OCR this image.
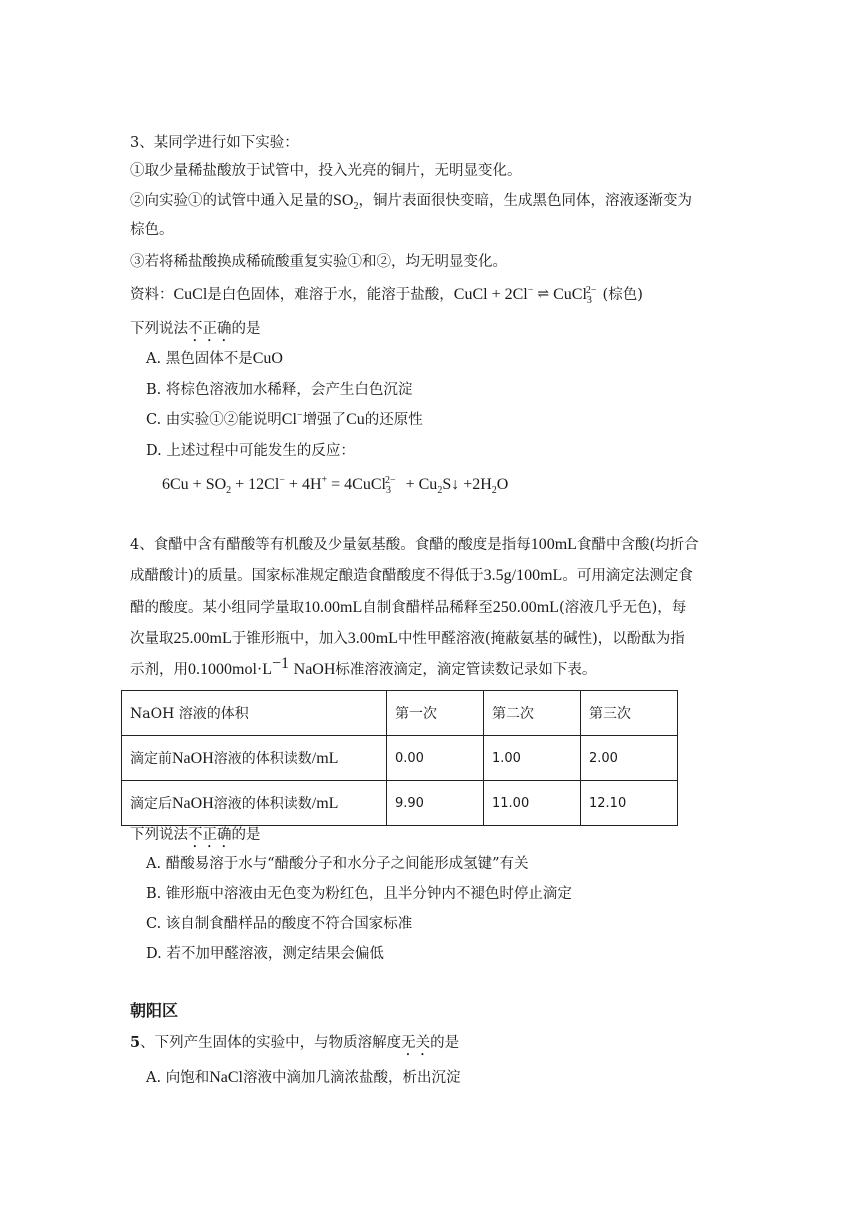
3、某同学进行如下实验：
①取少量稀盐酸放于试管中，投入光亮的铜片，无明显变化。
②向实验①的试管中通入足量的$SO_2$，铜片表面很快变暗，生成黑色同体，溶液逐渐变为
棕色。
③若将稀盐酸换成稀硫酸重复实验①和②，均无明显变化。
资料：CuCl是白色固体，难溶于水，能溶于盐酸，CuCl + 2Cl− ⇌ CuCl$_3^{2-}$ (棕色)
下列说法不正确的是
A. 黑色固体不是CuO
B. 将棕色溶液加水稀释，会产生白色沉淀
C. 由实验①②能说明Cl−增强了Cu的还原性
D. 上述过程中可能发生的反应：
$6Cu + SO_2 + 12Cl^- + 4H^+$ = 4CuCl$_3^{2-}$ + $Cu_2S↓ +2H_2O$
4、食醋中含有醋酸等有机酸及少量氨基酸。食醋的酸度是指每100mL食醋中含酸(均折合
成醋酸计)的质量。国家标准规定酿造食醋酸度不得低于3.5g/100mL。可用滴定法测定食
醋的酸度。某小组同学量取10.00mL自制食醋样品稀释至250.00mL(溶液几乎无色)，每
次量取25.00mL于锥形瓶中，加入3.00mL中性甲醛溶液(掩蔽氨基的碱性)，以酚酞为指
示剂，用$0.1000mol\cdot L^{-1}$ NaOH标准溶液滴定，滴定管读数记录如下表。
NaOH 溶液的体积	第一次	第二次	第三次
滴定前NaOH溶液的体积读数/mL	0.00	1.00	2.00
滴定后NaOH溶液的体积读数/mL	9.90	11.00	12.10
下列说法不正确的是
A. 醋酸易溶于水与“醋酸分子和水分子之间能形成氢键”有关
B. 锥形瓶中溶液由无色变为粉红色，且半分钟内不褪色时停止滴定
C. 该自制食醋样品的酸度不符合国家标准
D. 若不加甲醛溶液，测定结果会偏低
朝阳区
5、下列产生固体的实验中，与物质溶解度无关的是
A. 向饱和NaCl溶液中滴加几滴浓盐酸，析出沉淀
